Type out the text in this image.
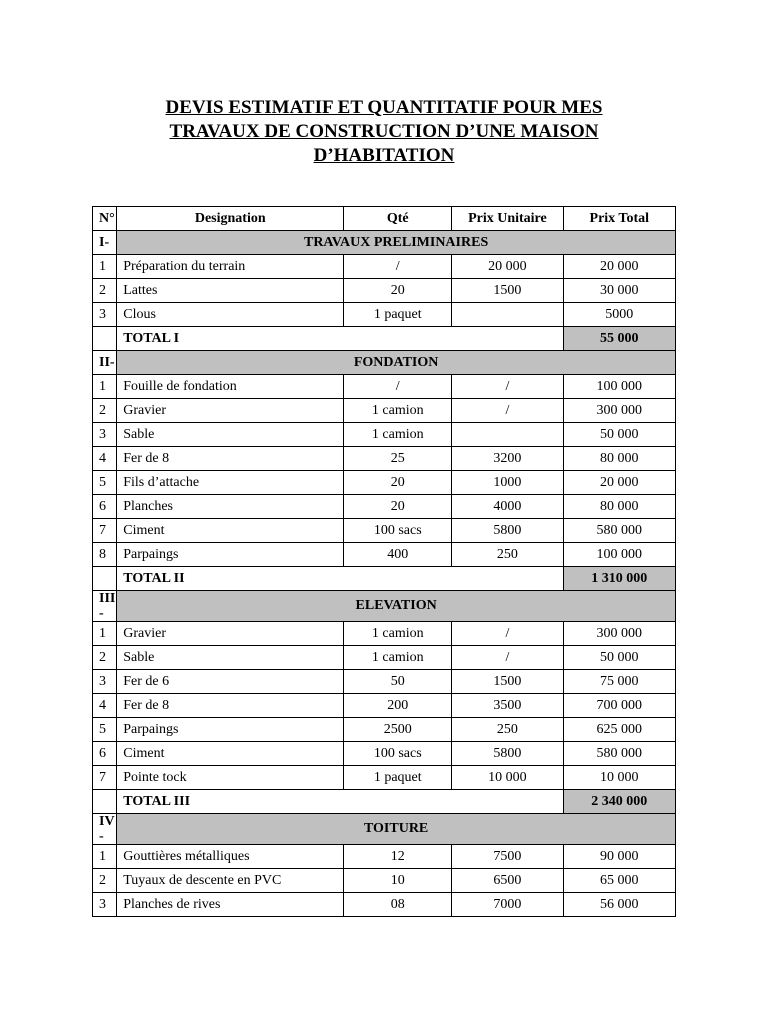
DEVIS ESTIMATIF ET QUANTITATIF POUR MES
TRAVAUX DE CONSTRUCTION D’UNE MAISON
D’HABITATION
N°	Designation	Qté	Prix Unitaire	Prix Total
I-	TRAVAUX PRELIMINAIRES			
1	Préparation du terrain	/	20 000	20 000
2	Lattes	20	1500	30 000
3	Clous	1 paquet		5000
	TOTAL I			55 000
II-	FONDATION			
1	Fouille de fondation	/	/	100 000
2	Gravier	1 camion	/	300 000
3	Sable	1 camion		50 000
4	Fer de 8	25	3200	80 000
5	Fils d’attache	20	1000	20 000
6	Planches	20	4000	80 000
7	Ciment	100 sacs	5800	580 000
8	Parpaings	400	250	100 000
	TOTAL II			1 310 000
III
-	ELEVATION			
1	Gravier	1 camion	/	300 000
2	Sable	1 camion	/	50 000
3	Fer de 6	50	1500	75 000
4	Fer de 8	200	3500	700 000
5	Parpaings	2500	250	625 000
6	Ciment	100 sacs	5800	580 000
7	Pointe tock	1 paquet	10 000	10 000
	TOTAL III			2 340 000
IV
-	TOITURE			
1	Gouttières métalliques	12	7500	90 000
2	Tuyaux de descente en PVC	10	6500	65 000
3	Planches de rives	08	7000	56 000
